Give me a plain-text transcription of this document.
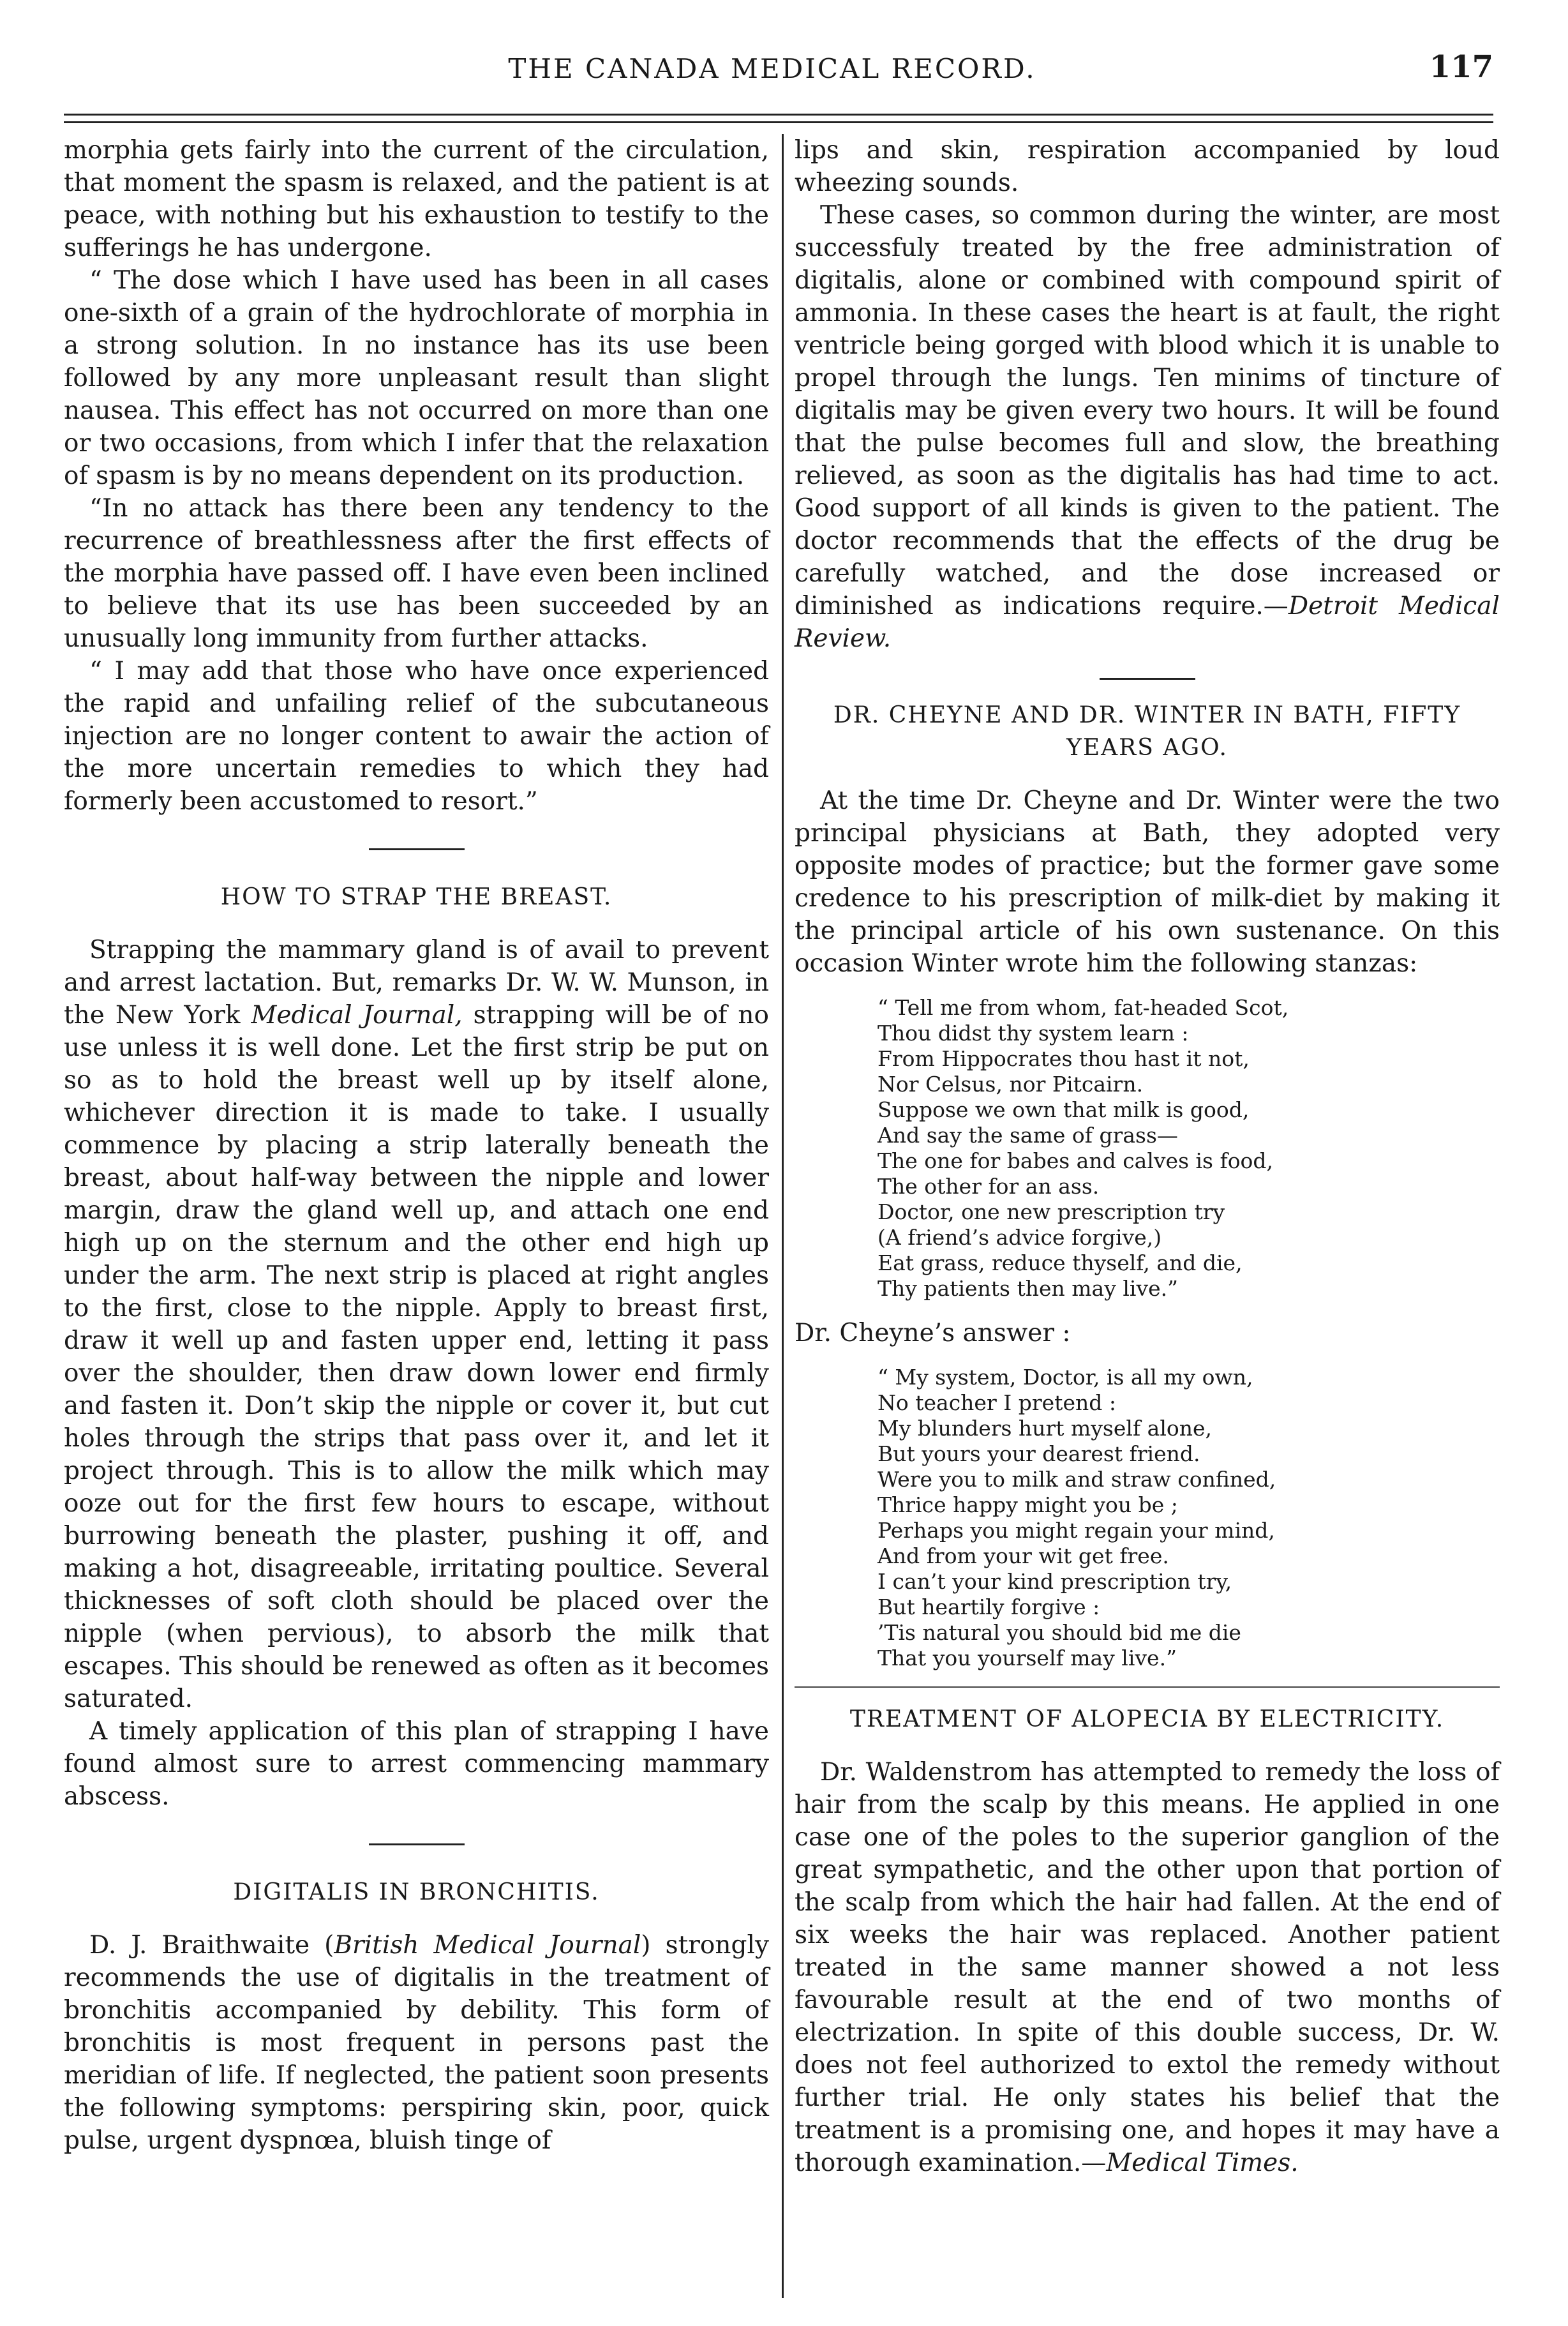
THE CANADA MEDICAL RECORD.	117

morphia gets fairly into the current of the circulation, that moment the spasm is relaxed, and the patient is at peace, with nothing but his exhaustion to testify to the sufferings he has undergone.

“ The dose which I have used has been in all cases one-sixth of a grain of the hydrochlorate of morphia in a strong solution. In no instance has its use been followed by any more unpleasant result than slight nausea. This effect has not occurred on more than one or two occasions, from which I infer that the relaxation of spasm is by no means dependent on its production.

“In no attack has there been any tendency to the recurrence of breathlessness after the first effects of the morphia have passed off. I have even been inclined to believe that its use has been succeeded by an unusually long immunity from further attacks.

“ I may add that those who have once experienced the rapid and unfailing relief of the subcutaneous injection are no longer content to awair the action of the more uncertain remedies to which they had formerly been accustomed to resort.”

HOW TO STRAP THE BREAST.

Strapping the mammary gland is of avail to prevent and arrest lactation. But, remarks Dr. W. W. Munson, in the New York Medical Journal, strapping will be of no use unless it is well done. Let the first strip be put on so as to hold the breast well up by itself alone, whichever direction it is made to take. I usually commence by placing a strip laterally beneath the breast, about half-way between the nipple and lower margin, draw the gland well up, and attach one end high up on the sternum and the other end high up under the arm. The next strip is placed at right angles to the first, close to the nipple. Apply to breast first, draw it well up and fasten upper end, letting it pass over the shoulder, then draw down lower end firmly and fasten it. Don’t skip the nipple or cover it, but cut holes through the strips that pass over it, and let it project through. This is to allow the milk which may ooze out for the first few hours to escape, without burrowing beneath the plaster, pushing it off, and making a hot, disagreeable, irritating poultice. Several thicknesses of soft cloth should be placed over the nipple (when pervious), to absorb the milk that escapes. This should be renewed as often as it becomes saturated.

A timely application of this plan of strapping I have found almost sure to arrest commencing mammary abscess.

DIGITALIS IN BRONCHITIS.

D. J. Braithwaite (British Medical Journal) strongly recommends the use of digitalis in the treatment of bronchitis accompanied by debility. This form of bronchitis is most frequent in persons past the meridian of life. If neglected, the patient soon presents the following symptoms: perspiring skin, poor, quick pulse, urgent dyspnœa, bluish tinge of

lips and skin, respiration accompanied by loud wheezing sounds.

These cases, so common during the winter, are most successfuly treated by the free administration of digitalis, alone or combined with compound spirit of ammonia. In these cases the heart is at fault, the right ventricle being gorged with blood which it is unable to propel through the lungs. Ten minims of tincture of digitalis may be given every two hours. It will be found that the pulse becomes full and slow, the breathing relieved, as soon as the digitalis has had time to act. Good support of all kinds is given to the patient. The doctor recommends that the effects of the drug be carefully watched, and the dose increased or diminished as indications require.—Detroit Medical Review.

DR. CHEYNE AND DR. WINTER IN BATH, FIFTY YEARS AGO.

At the time Dr. Cheyne and Dr. Winter were the two principal physicians at Bath, they adopted very opposite modes of practice; but the former gave some credence to his prescription of milk-diet by making it the principal article of his own sustenance. On this occasion Winter wrote him the following stanzas:

“ Tell me from whom, fat-headed Scot,
Thou didst thy system learn :
From Hippocrates thou hast it not,
Nor Celsus, nor Pitcairn.
Suppose we own that milk is good,
And say the same of grass—
The one for babes and calves is food,
The other for an ass.
Doctor, one new prescription try
(A friend’s advice forgive,)
Eat grass, reduce thyself, and die,
Thy patients then may live.”

Dr. Cheyne’s answer :

“ My system, Doctor, is all my own,
No teacher I pretend :
My blunders hurt myself alone,
But yours your dearest friend.
Were you to milk and straw confined,
Thrice happy might you be ;
Perhaps you might regain your mind,
And from your wit get free.
I can’t your kind prescription try,
But heartily forgive :
’Tis natural you should bid me die
That you yourself may live.”
TREATMENT OF ALOPECIA BY ELECTRICITY.

Dr. Waldenstrom has attempted to remedy the loss of hair from the scalp by this means. He applied in one case one of the poles to the superior ganglion of the great sympathetic, and the other upon that portion of the scalp from which the hair had fallen. At the end of six weeks the hair was replaced. Another patient treated in the same manner showed a not less favourable result at the end of two months of electrization. In spite of this double success, Dr. W. does not feel authorized to extol the remedy without further trial. He only states his belief that the treatment is a promising one, and hopes it may have a thorough examination.—Medical Times.
